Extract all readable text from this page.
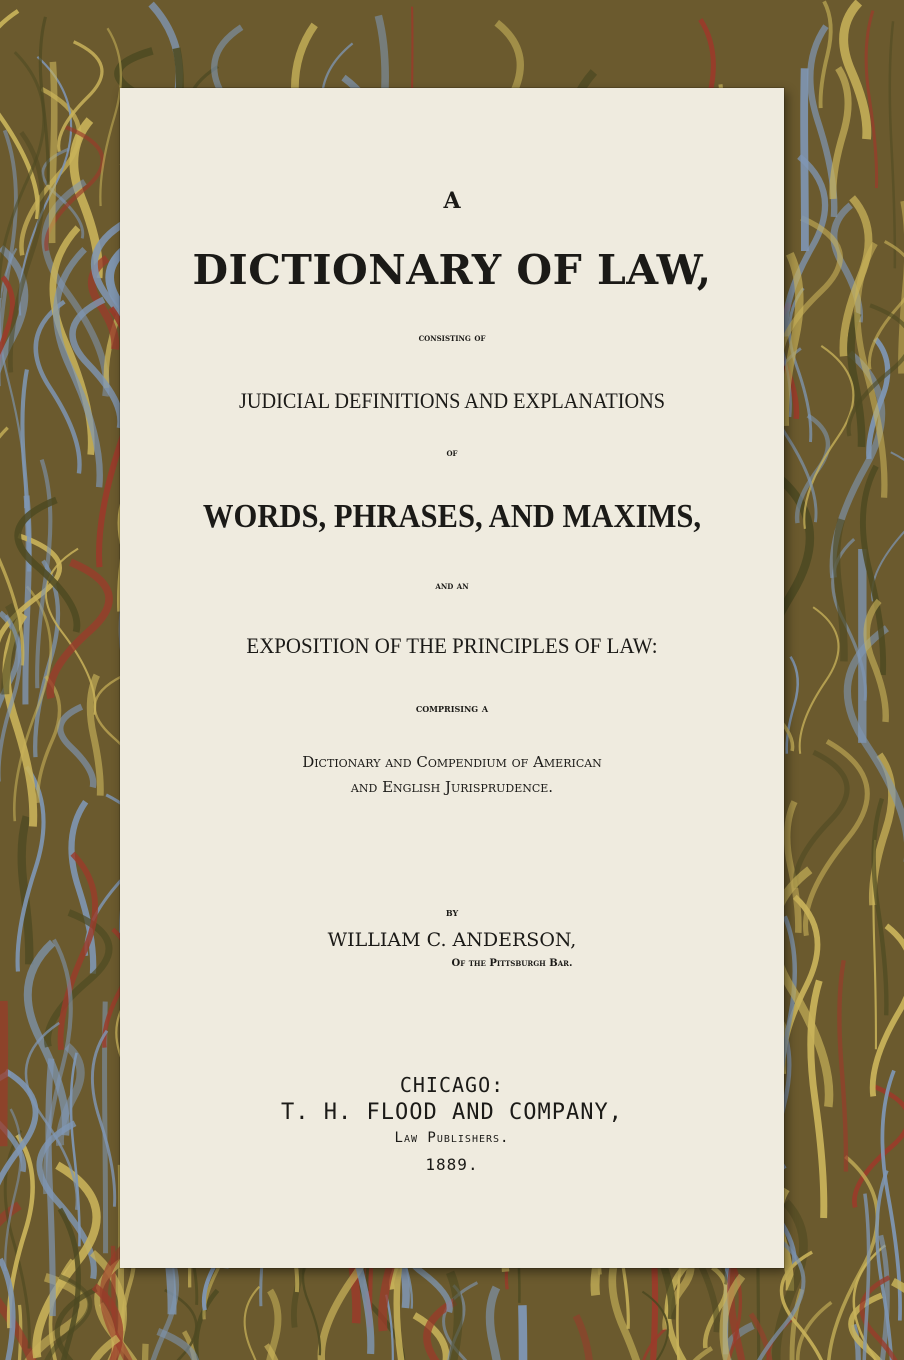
A
DICTIONARY OF LAW,
consisting of
JUDICIAL DEFINITIONS AND EXPLANATIONS
of
WORDS, PHRASES, AND MAXIMS,
and an
EXPOSITION OF THE PRINCIPLES OF LAW:
comprising a
Dictionary and Compendium of American
and English Jurisprudence.
by
WILLIAM C. ANDERSON,
Of the Pittsburgh Bar.
CHICAGO:
T. H. FLOOD AND COMPANY,
Law Publishers.
1889.
